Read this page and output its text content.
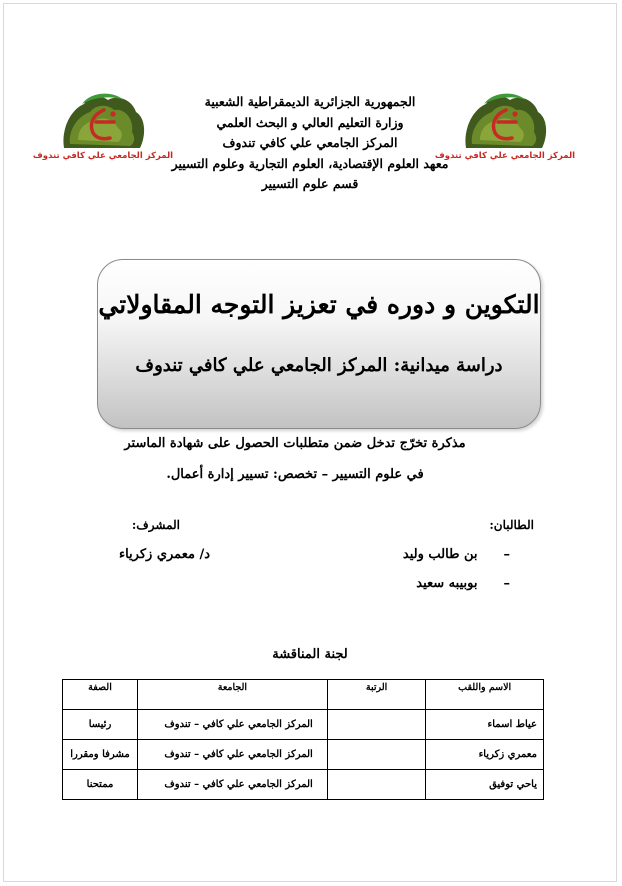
المركز الجامعي علي كافي تندوف	المركز الجامعي علي كافي تندوف
الجمهورية الجزائرية الديمقراطية الشعبية
وزارة التعليم العالي و البحث العلمي
المركز الجامعي علي كافي تندوف
معهد العلوم الإقتصادية، العلوم التجارية وعلوم التسيير
قسم علوم التسيير
التكوين و دوره في تعزيز التوجه المقاولاتي
دراسة ميدانية: المركز الجامعي علي كافي تندوف
مذكرة تخرّج تدخل ضمن متطلبات الحصول على شهادة الماستر
في علوم التسيير – تخصص: تسيير إدارة أعمال.
الطالبان:
المشرف:
– بن طالب وليد
– بوبيبه سعيد
د/ معمري زكرياء
لجنة المناقشة
الاسم واللقب	الرتبة	الجامعة	الصفة
عياط اسماء		المركز الجامعي علي كافي – تندوف	رئيسا
معمري زكرياء		المركز الجامعي علي كافي – تندوف	مشرفا ومقررا
ياحي توفيق		المركز الجامعي علي كافي – تندوف	ممتحنا
